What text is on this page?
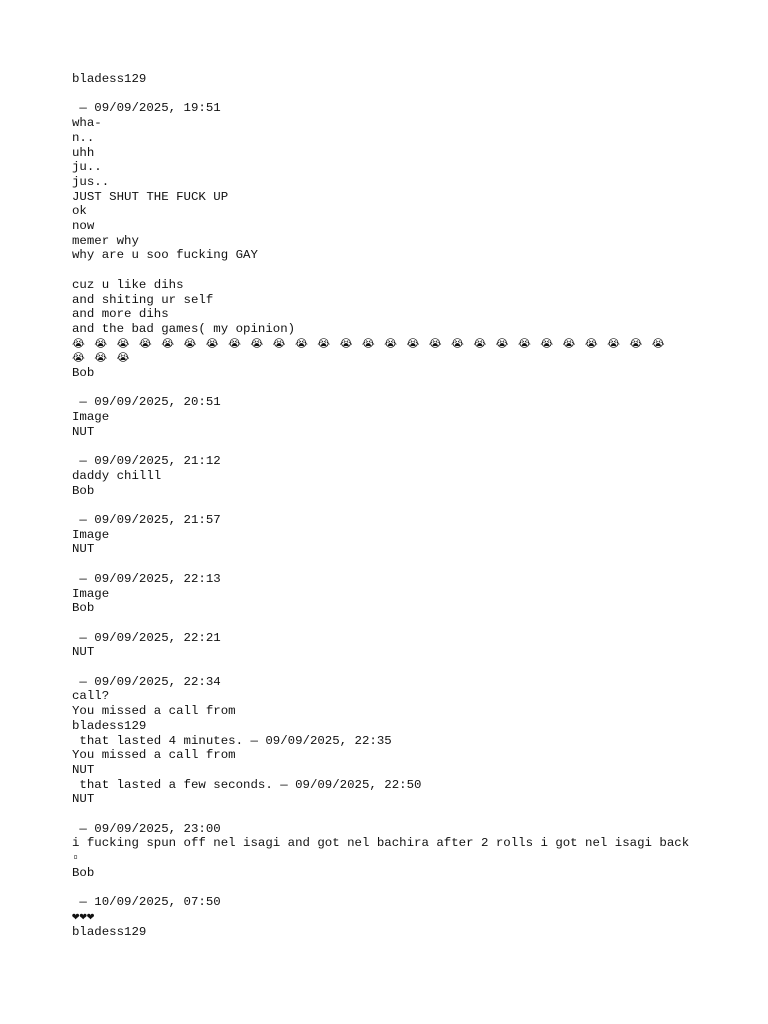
bladess129
— 09/09/2025, 19:51
wha-
n..
uhh
ju..
jus..
JUST SHUT THE FUCK UP
ok
now
memer why
why are u soo fucking GAY
cuz u like dihs
and shiting ur self
and more dihs
and the bad games( my opinion)
😭 😭 😭 😭 😭 😭 😭 😭 😭 😭 😭 😭 😭 😭 😭 😭 😭 😭 😭 😭 😭 😭 😭 😭 😭 😭 😭
😭 😭 😭
Bob
— 09/09/2025, 20:51
Image
NUT
— 09/09/2025, 21:12
daddy chilll
Bob
— 09/09/2025, 21:57
Image
NUT
— 09/09/2025, 22:13
Image
Bob
— 09/09/2025, 22:21
NUT
— 09/09/2025, 22:34
call?
You missed a call from
bladess129
that lasted 4 minutes. — 09/09/2025, 22:35
You missed a call from
NUT
that lasted a few seconds. — 09/09/2025, 22:50
NUT
— 09/09/2025, 23:00
i fucking spun off nel isagi and got nel bachira after 2 rolls i got nel isagi back
▫
Bob
— 10/09/2025, 07:50
❤❤❤
bladess129
